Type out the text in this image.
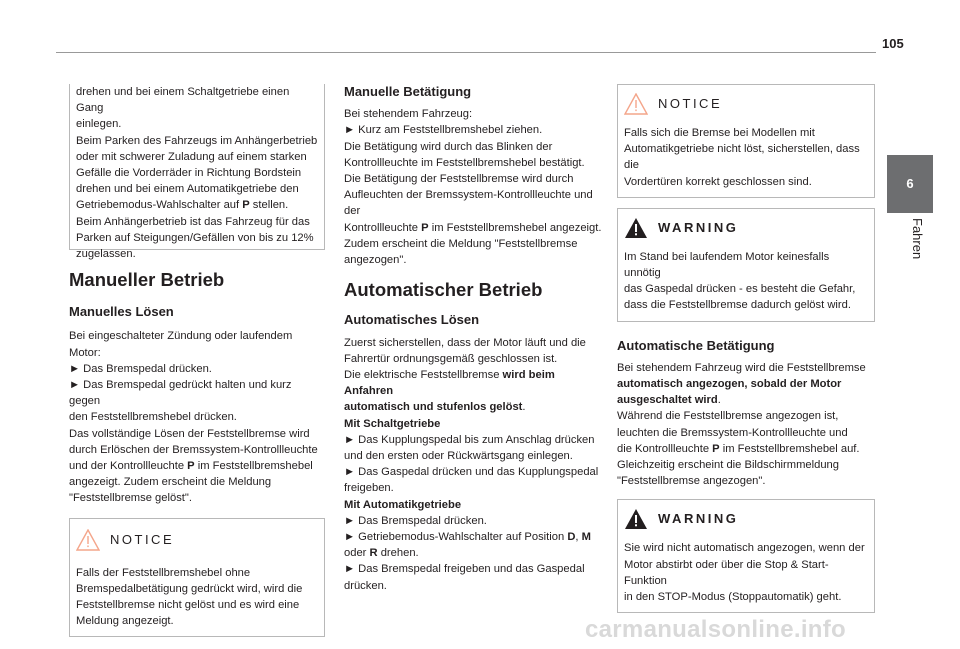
105
6
Fahren

drehen und bei einem Schaltgetriebe einen Gang

einlegen.

Beim Parken des Fahrzeugs im Anhängerbetrieb

oder mit schwerer Zuladung auf einem starken

Gefälle die Vorderräder in Richtung Bordstein

drehen und bei einem Automatikgetriebe den

Getriebemodus-Wahlschalter auf P stellen.

Beim Anhängerbetrieb ist das Fahrzeug für das

Parken auf Steigungen/Gefällen von bis zu 12%

zugelassen.

Manueller Betrieb
Manuelles Lösen

Bei eingeschalteter Zündung oder laufendem Motor:

► Das Bremspedal drücken.

► Das Bremspedal gedrückt halten und kurz gegen

den Feststellbremshebel drücken.

Das vollständige Lösen der Feststellbremse wird

durch Erlöschen der Bremssystem-Kontrollleuchte

und der Kontrollleuchte P im Feststellbremshebel

angezeigt. Zudem erscheint die Meldung

"Feststellbremse gelöst".

NOTICE

Falls der Feststellbremshebel ohne

Bremspedalbetätigung gedrückt wird, wird die

Feststellbremse nicht gelöst und es wird eine

Meldung angezeigt.

Manuelle Betätigung

Bei stehendem Fahrzeug:

► Kurz am Feststellbremshebel ziehen.

Die Betätigung wird durch das Blinken der

Kontrollleuchte im Feststellbremshebel bestätigt.

Die Betätigung der Feststellbremse wird durch

Aufleuchten der Bremssystem-Kontrollleuchte und der

Kontrollleuchte P im Feststellbremshebel angezeigt.

Zudem erscheint die Meldung "Feststellbremse

angezogen".

Automatischer Betrieb
Automatisches Lösen

Zuerst sicherstellen, dass der Motor läuft und die

Fahrertür ordnungsgemäß geschlossen ist.

Die elektrische Feststellbremse wird beim Anfahren

automatisch und stufenlos gelöst.

Mit Schaltgetriebe

► Das Kupplungspedal bis zum Anschlag drücken

und den ersten oder Rückwärtsgang einlegen.

► Das Gaspedal drücken und das Kupplungspedal

freigeben.

Mit Automatikgetriebe

► Das Bremspedal drücken.

► Getriebemodus-Wahlschalter auf Position D, M

oder R drehen.

► Das Bremspedal freigeben und das Gaspedal

drücken.

NOTICE

Falls sich die Bremse bei Modellen mit

Automatikgetriebe nicht löst, sicherstellen, dass die

Vordertüren korrekt geschlossen sind.

WARNING

Im Stand bei laufendem Motor keinesfalls unnötig

das Gaspedal drücken - es besteht die Gefahr,

dass die Feststellbremse dadurch gelöst wird.

Automatische Betätigung

Bei stehendem Fahrzeug wird die Feststellbremse

automatisch angezogen, sobald der Motor

ausgeschaltet wird.

Während die Feststellbremse angezogen ist,

leuchten die Bremssystem-Kontrollleuchte und

die Kontrollleuchte P im Feststellbremshebel auf.

Gleichzeitig erscheint die Bildschirmmeldung

"Feststellbremse angezogen".

WARNING

Sie wird nicht automatisch angezogen, wenn der

Motor abstirbt oder über die Stop & Start-Funktion

in den STOP-Modus (Stoppautomatik) geht.

carmanualsonline.info
